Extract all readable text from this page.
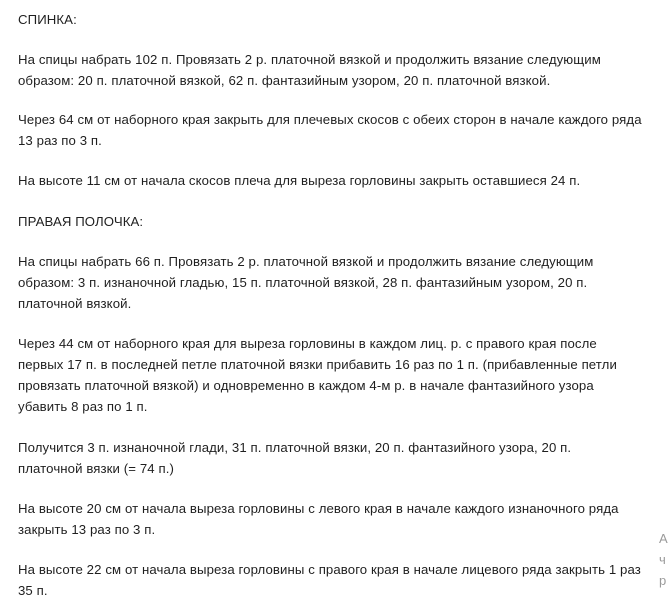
СПИНКА:
На спицы набрать 102 п. Провязать 2 р. платочной вязкой и продолжить вязание следующим
образом: 20 п. платочной вязкой, 62 п. фантазийным узором, 20 п. платочной вязкой.
Через 64 см от наборного края закрыть для плечевых скосов с обеих сторон в начале каждого ряда
13 раз по 3 п.
На высоте 11 см от начала скосов плеча для выреза горловины закрыть оставшиеся 24 п.
ПРАВАЯ ПОЛОЧКА:
На спицы набрать 66 п. Провязать 2 р. платочной вязкой и продолжить вязание следующим
образом: 3 п. изнаночной гладью, 15 п. платочной вязкой, 28 п. фантазийным узором, 20 п.
платочной вязкой.
Через 44 см от наборного края для выреза горловины в каждом лиц. р. с правого края после
первых 17 п. в последней петле платочной вязки прибавить 16 раз по 1 п. (прибавленные петли
провязать платочной вязкой) и одновременно в каждом 4-м р. в начале фантазийного узора
убавить 8 раз по 1 п.
Получится 3 п. изнаночной глади, 31 п. платочной вязки, 20 п. фантазийного узора, 20 п.
платочной вязки (= 74 п.)
На высоте 20 см от начала выреза горловины с левого края в начале каждого изнаночного ряда
закрыть 13 раз по 3 п.
На высоте 22 см от начала выреза горловины с правого края в начале лицевого ряда закрыть 1 раз
35 п.
А
ч
р
